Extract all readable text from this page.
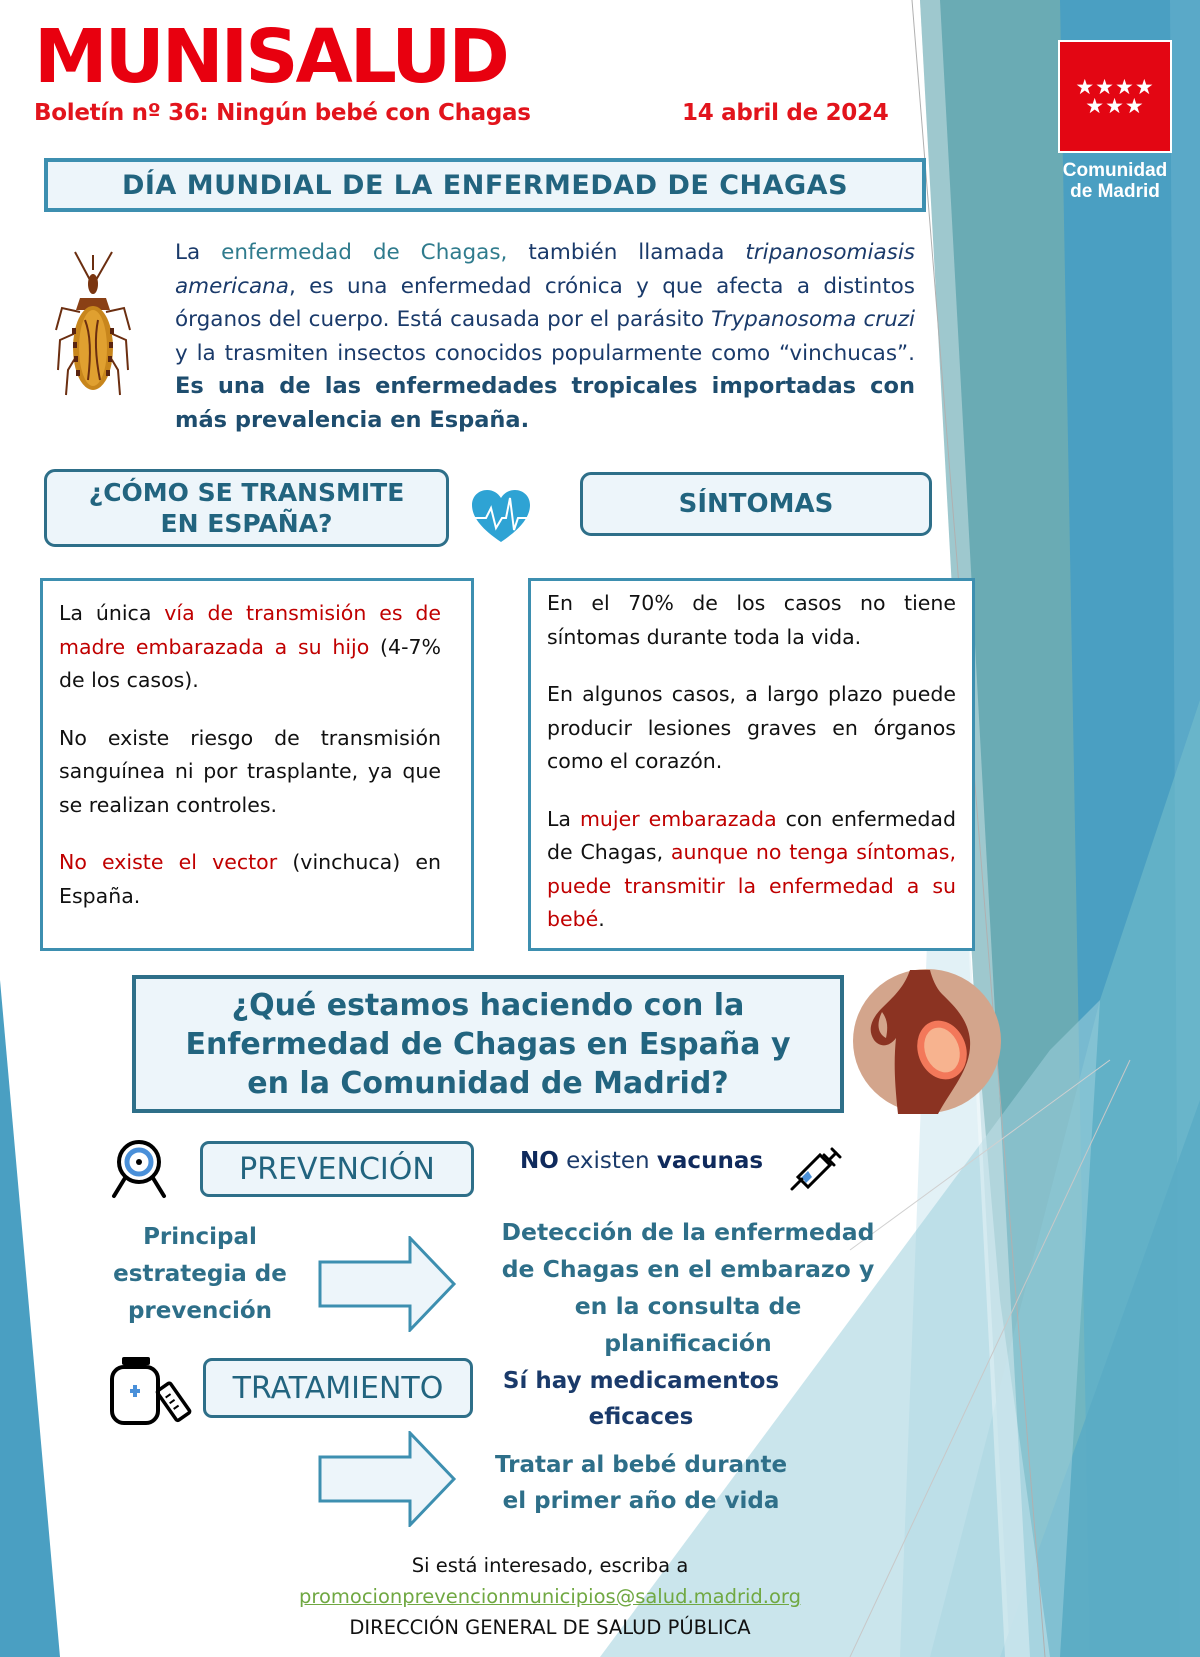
MUNISALUD
Boletín nº 36: Ningún bebé con Chagas	14 abril de 2024
★★★★
★★★
Comunidad
de Madrid
DÍA MUNDIAL DE LA ENFERMEDAD DE CHAGAS
La enfermedad de Chagas, también llamada tripanosomiasis americana, es una enfermedad crónica y que afecta a distintos órganos del cuerpo. Está causada por el parásito Trypanosoma cruzi y la trasmiten insectos conocidos popularmente como “vinchucas”. Es una de las enfermedades tropicales importadas con más prevalencia en España.
¿CÓMO SE TRANSMITE
EN ESPAÑA?
SÍNTOMAS

La única vía de transmisión es de madre embarazada a su hijo (4-7% de los casos).

No existe riesgo de transmisión sanguínea ni por trasplante, ya que se realizan controles.

No existe el vector (vinchuca) en España.

En el 70% de los casos no tiene síntomas durante toda la vida.

En algunos casos, a largo plazo puede producir lesiones graves en órganos como el corazón.

La mujer embarazada con enfermedad de Chagas, aunque no tenga síntomas, puede transmitir la enfermedad a su bebé.

¿Qué estamos haciendo con la
Enfermedad de Chagas en España y
en la Comunidad de Madrid?
PREVENCIÓN	NO existen vacunas
Principal
estrategia de
prevención
Detección de la enfermedad
de Chagas en el embarazo y
en la consulta de planificación
TRATAMIENTO	Sí hay medicamentos
eficaces
Tratar al bebé durante
el primer año de vida
Si está interesado, escriba a
promocionprevencionmunicipios@salud.madrid.org
DIRECCIÓN GENERAL DE SALUD PÚBLICA
